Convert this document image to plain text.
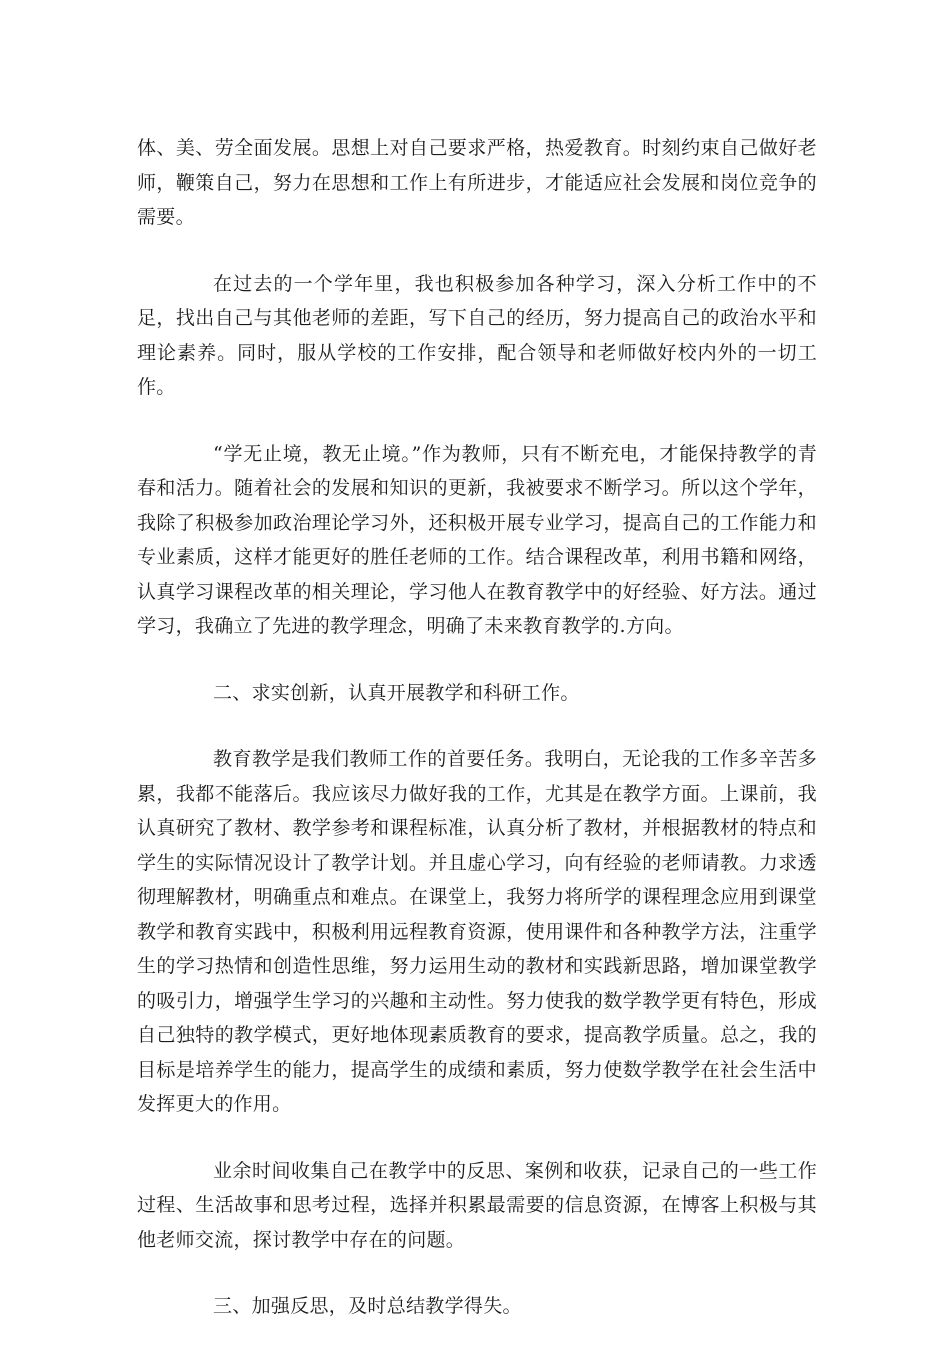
体、美、劳全面发展。思想上对自己要求严格，热爱教育。时刻约束自己做好老师，鞭策自己，努力在思想和工作上有所进步，才能适应社会发展和岗位竞争的需要。

在过去的一个学年里，我也积极参加各种学习，深入分析工作中的不足，找出自己与其他老师的差距，写下自己的经历，努力提高自己的政治水平和理论素养。同时，服从学校的工作安排，配合领导和老师做好校内外的一切工作。

“学无止境，教无止境。”作为教师，只有不断充电，才能保持教学的青春和活力。随着社会的发展和知识的更新，我被要求不断学习。所以这个学年，我除了积极参加政治理论学习外，还积极开展专业学习，提高自己的工作能力和专业素质，这样才能更好的胜任老师的工作。结合课程改革，利用书籍和网络，认真学习课程改革的相关理论，学习他人在教育教学中的好经验、好方法。通过学习，我确立了先进的教学理念，明确了未来教育教学的.方向。

二、求实创新，认真开展教学和科研工作。

教育教学是我们教师工作的首要任务。我明白，无论我的工作多辛苦多累，我都不能落后。我应该尽力做好我的工作，尤其是在教学方面。上课前，我认真研究了教材、教学参考和课程标准，认真分析了教材，并根据教材的特点和学生的实际情况设计了教学计划。并且虚心学习，向有经验的老师请教。力求透彻理解教材，明确重点和难点。在课堂上，我努力将所学的课程理念应用到课堂教学和教育实践中，积极利用远程教育资源，使用课件和各种教学方法，注重学生的学习热情和创造性思维，努力运用生动的教材和实践新思路，增加课堂教学的吸引力，增强学生学习的兴趣和主动性。努力使我的数学教学更有特色，形成自己独特的教学模式，更好地体现素质教育的要求，提高教学质量。总之，我的目标是培养学生的能力，提高学生的成绩和素质，努力使数学教学在社会生活中发挥更大的作用。

业余时间收集自己在教学中的反思、案例和收获，记录自己的一些工作过程、生活故事和思考过程，选择并积累最需要的信息资源，在博客上积极与其他老师交流，探讨教学中存在的问题。

三、加强反思，及时总结教学得失。
